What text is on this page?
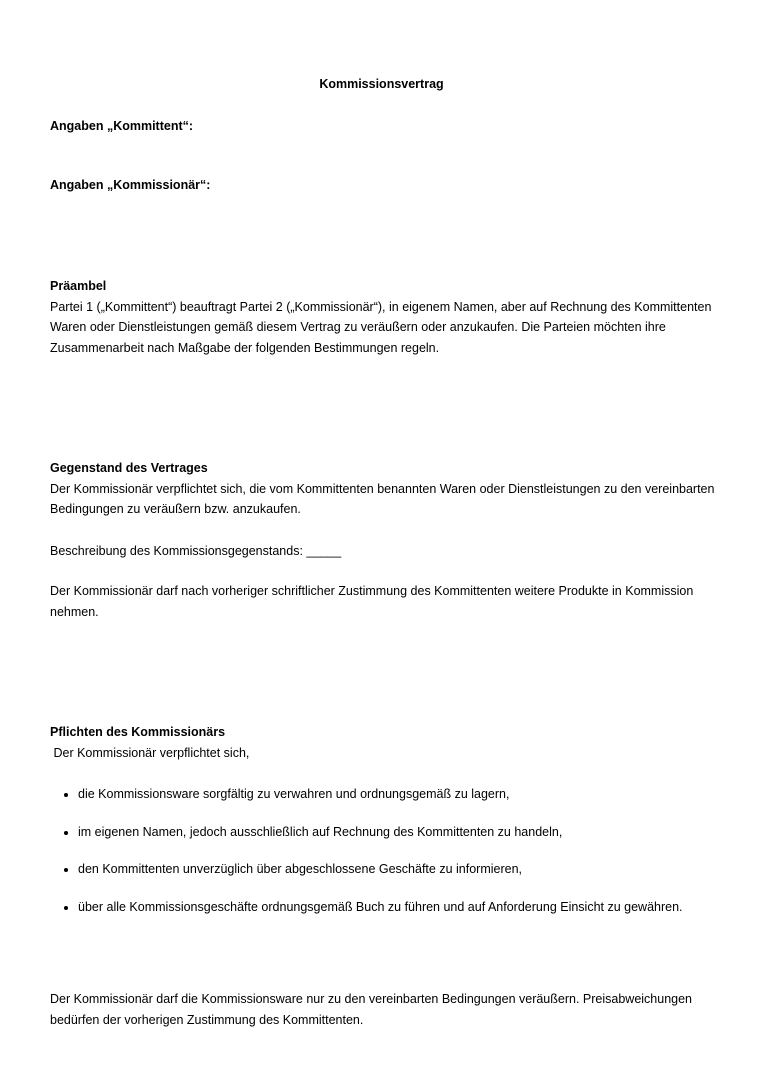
Kommissionsvertrag
Angaben „Kommittent“:
Angaben „Kommissionär“:
Präambel

Partei 1 („Kommittent“) beauftragt Partei 2 („Kommissionär“), in eigenem Namen, aber auf Rechnung des Kommittenten Waren oder Dienstleistungen gemäß diesem Vertrag zu veräußern oder anzukaufen. Die Parteien möchten ihre Zusammenarbeit nach Maßgabe der folgenden Bestimmungen regeln.

Gegenstand des Vertrages

Der Kommissionär verpflichtet sich, die vom Kommittenten benannten Waren oder Dienstleistungen zu den vereinbarten Bedingungen zu veräußern bzw. anzukaufen.

Beschreibung des Kommissionsgegenstands: _____
Der Kommissionär darf nach vorheriger schriftlicher Zustimmung des Kommittenten weitere Produkte in Kommission nehmen.
Pflichten des Kommissionärs

Der Kommissionär verpflichtet sich,

die Kommissionsware sorgfältig zu verwahren und ordnungsgemäß zu lagern,
im eigenen Namen, jedoch ausschließlich auf Rechnung des Kommittenten zu handeln,
den Kommittenten unverzüglich über abgeschlossene Geschäfte zu informieren,
über alle Kommissionsgeschäfte ordnungsgemäß Buch zu führen und auf Anforderung Einsicht zu gewähren.
Der Kommissionär darf die Kommissionsware nur zu den vereinbarten Bedingungen veräußern. Preisabweichungen bedürfen der vorherigen Zustimmung des Kommittenten.
